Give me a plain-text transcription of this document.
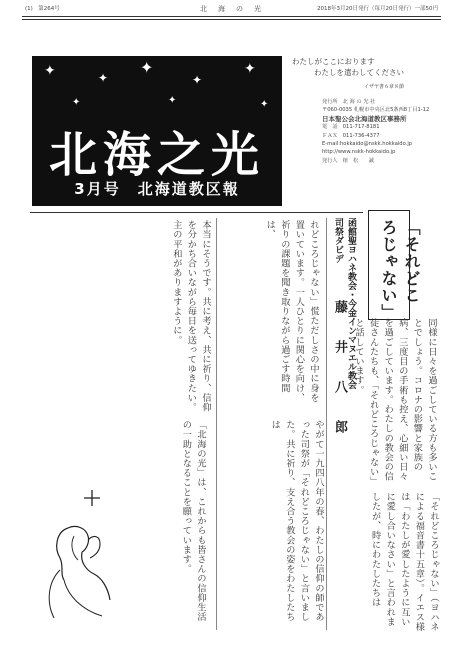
(1)　第264号	北　海　の　光	2018年3月20日発行（毎月20日発行）一部50円
✦	✦
✦
✦
✦
✦	✦	✦
北海之光
3月号　北海道教区報
わたしがここにおります
わたしを遣わしてください
イザヤ書６章８節
発行所　北 海 の 光 社
〒060-0035 札幌市中央区北5条西8丁目1-12
日本聖公会北海道教区事務所
電　話　011-717-8181
ＦＡＸ　011-736-4377
E-mail:hokkaido@nskk.hokkaido.jp
http://www.nskk-hokkaido.jp
発行人　植　松　　誠
「それどころじゃない」
函館聖ヨハネ教会・今金インマヌエル教会
司祭ダビデ
藤 井 八 郎	同様に日々を過ごしている方も多いことでしょう。コロナの影響と家族の病、三度目の手術も控え、心細い日々を過ごしています。わたしの教会の信徒さんたちも、「それどころじゃない」と話しています。
「それどころじゃない」（ヨハネによる福音書十五章）。イエス様は「わたしが愛したように互いに愛し合いなさい」と言われましたが、時にわたしたちは
れどころじゃない」慌ただしさの中に身を置いています。一人ひとりに関心を向け、祈りの課題を聞き取りながら過ごす時間は、
やがて一九四八年の春、わたしの信仰の師であった司祭が「それどころじゃない」と言いました。共に祈り、支え合う教会の姿をわたしたちは
本当にそうです。共に考え、共に祈り、信仰を分かち合いながら毎日を送ってゆきたい。主の平和がありますように。
「北海の光」は、これからも皆さんの信仰生活の一助となることを願っています。
